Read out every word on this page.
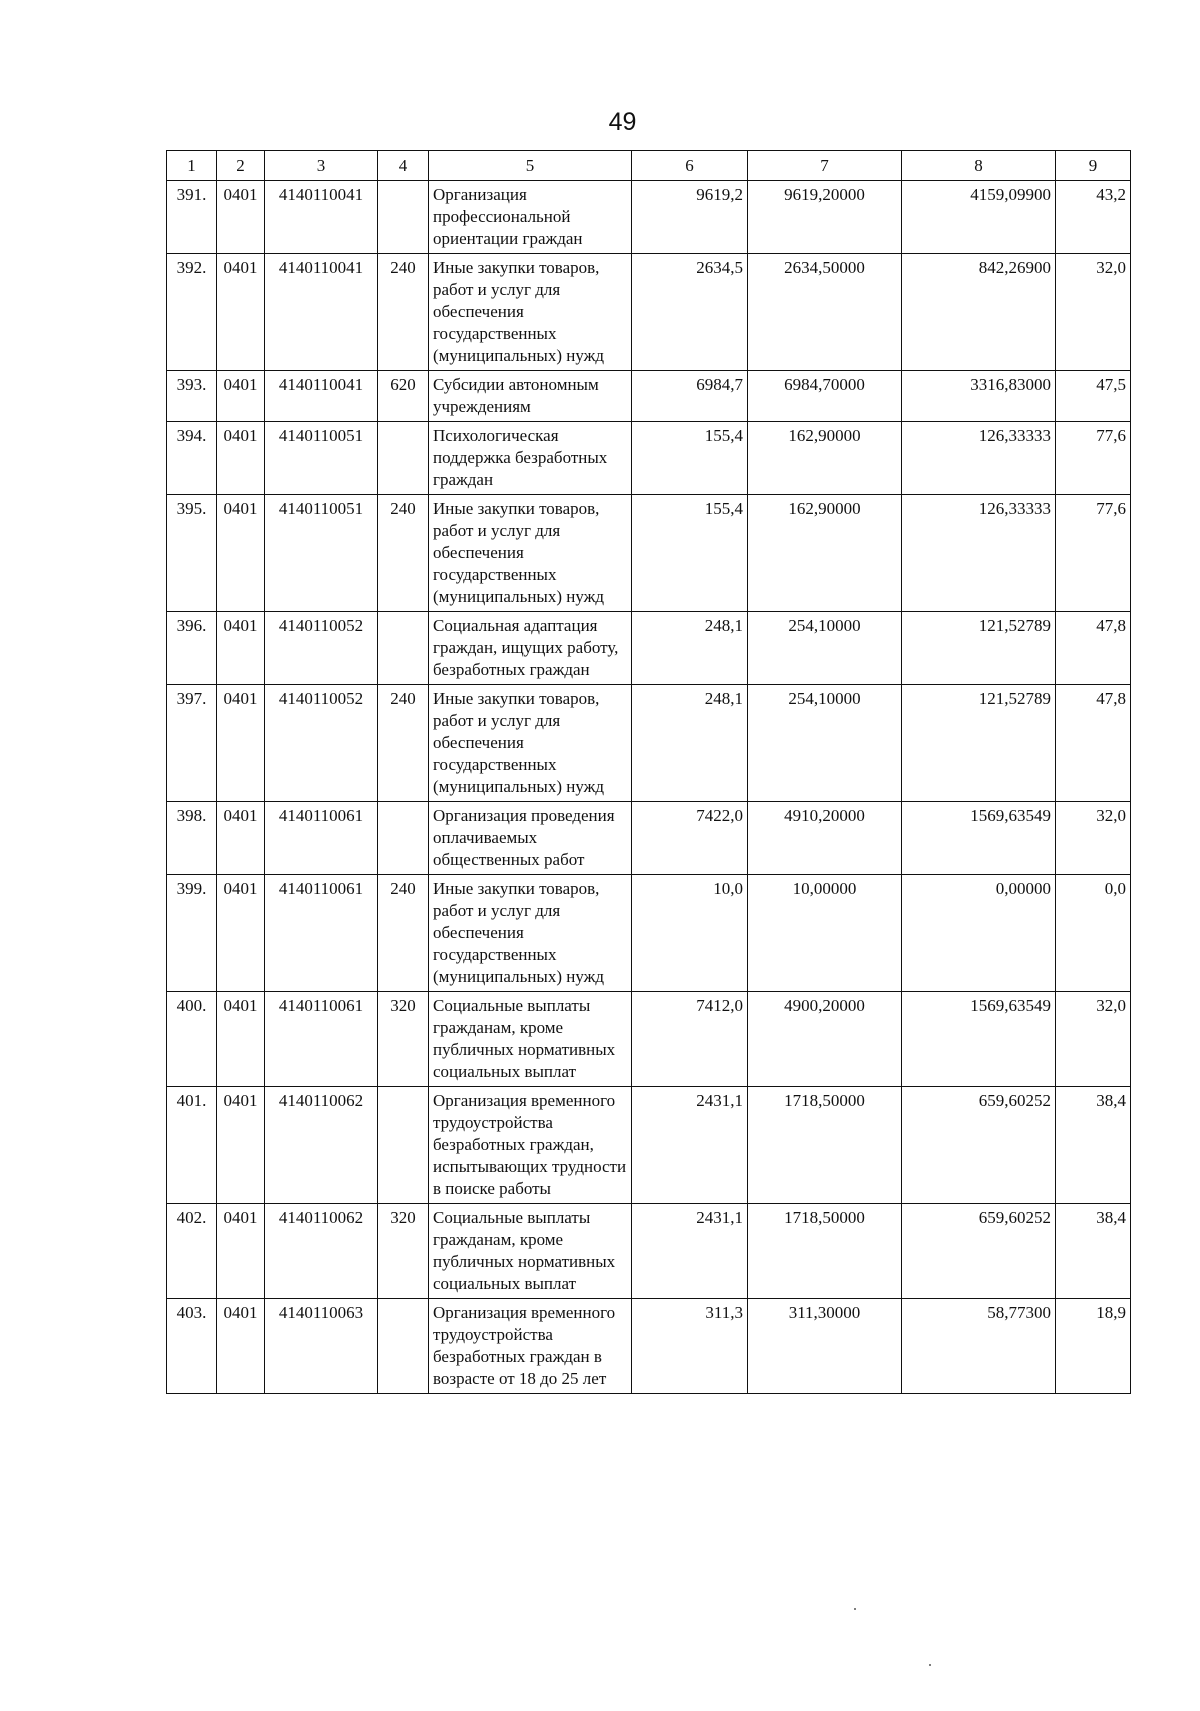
49
1	2	3	4	5	6	7	8	9
391.	0401	4140110041		Организация профессиональной ориентации граждан	9619,2	9619,20000	4159,09900	43,2
392.	0401	4140110041	240	Иные закупки товаров, работ и услуг для обеспечения государственных (муниципальных) нужд	2634,5	2634,50000	842,26900	32,0
393.	0401	4140110041	620	Субсидии автономным учреждениям	6984,7	6984,70000	3316,83000	47,5
394.	0401	4140110051		Психологическая поддержка безработных граждан	155,4	162,90000	126,33333	77,6
395.	0401	4140110051	240	Иные закупки товаров, работ и услуг для обеспечения государственных (муниципальных) нужд	155,4	162,90000	126,33333	77,6
396.	0401	4140110052		Социальная адаптация граждан, ищущих работу, безработных граждан	248,1	254,10000	121,52789	47,8
397.	0401	4140110052	240	Иные закупки товаров, работ и услуг для обеспечения государственных (муниципальных) нужд	248,1	254,10000	121,52789	47,8
398.	0401	4140110061		Организация проведения оплачиваемых общественных работ	7422,0	4910,20000	1569,63549	32,0
399.	0401	4140110061	240	Иные закупки товаров, работ и услуг для обеспечения государственных (муниципальных) нужд	10,0	10,00000	0,00000	0,0
400.	0401	4140110061	320	Социальные выплаты гражданам, кроме публичных нормативных социальных выплат	7412,0	4900,20000	1569,63549	32,0
401.	0401	4140110062		Организация временного трудоустройства безработных граждан, испытывающих трудности в поиске работы	2431,1	1718,50000	659,60252	38,4
402.	0401	4140110062	320	Социальные выплаты гражданам, кроме публичных нормативных социальных выплат	2431,1	1718,50000	659,60252	38,4
403.	0401	4140110063		Организация временного трудоустройства безработных граждан в возрасте от 18 до 25 лет	311,3	311,30000	58,77300	18,9
